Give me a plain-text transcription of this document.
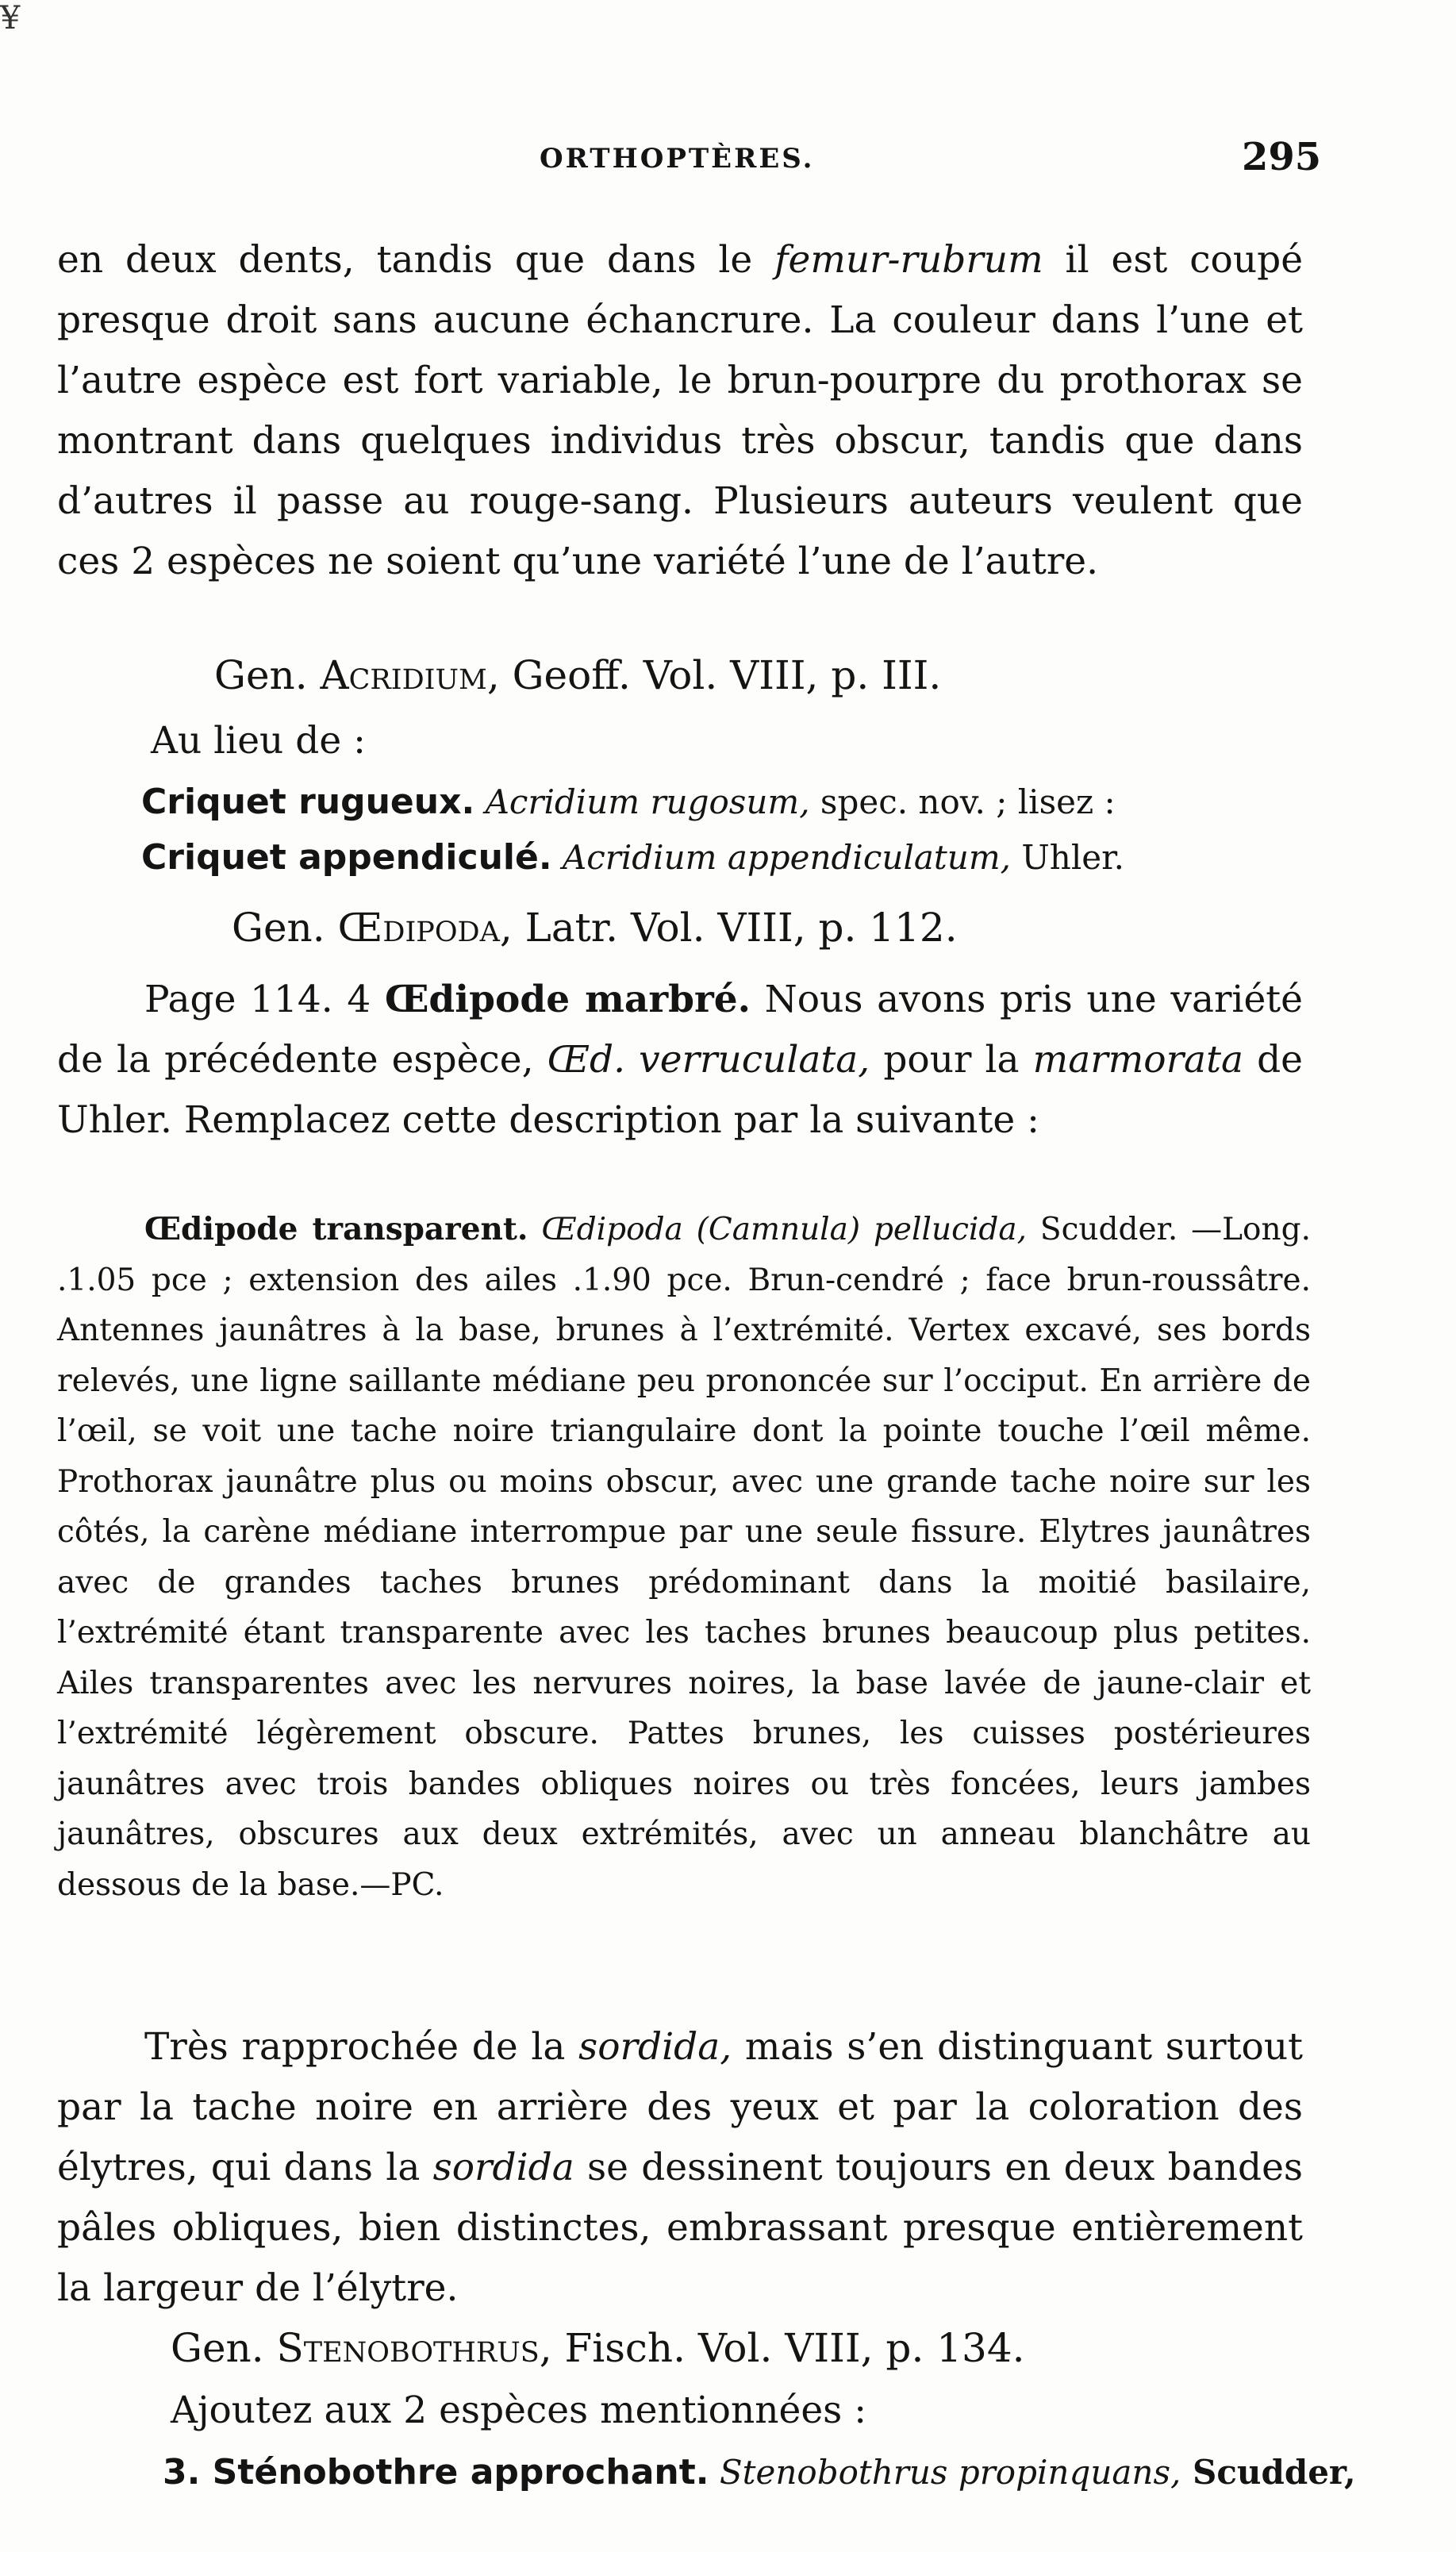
¥
ORTHOPTÈRES.	295

en deux dents, tandis que dans le femur-rubrum il est coupé presque droit sans aucune échancrure. La couleur dans l’une et l’autre espèce est fort variable, le brun-pourpre du prothorax se montrant dans quelques individus très obscur, tandis que dans d’autres il passe au rouge-sang. Plusieurs auteurs veulent que ces 2 espèces ne soient qu’une variété l’une de l’autre.

Gen. Acridium, Geoff. Vol. VIII, p. III.

Au lieu de :

Criquet rugueux. Acridium rugosum, spec. nov. ; lisez :

Criquet appendiculé. Acridium appendiculatum, Uhler.

Gen. Œdipoda, Latr. Vol. VIII, p. 112.

Page 114. 4 Œdipode marbré. Nous avons pris une variété de la précédente espèce, Œd. verruculata, pour la marmorata de Uhler. Remplacez cette description par la suivante :

Œdipode transparent. Œdipoda (Camnula) pellucida, Scudder. —Long. .1.05 pce ; extension des ailes .1.90 pce. Brun-cendré ; face brun-roussâtre. Antennes jaunâtres à la base, brunes à l’extrémité. Vertex excavé, ses bords relevés, une ligne saillante médiane peu prononcée sur l’occiput. En arrière de l’œil, se voit une tache noire triangulaire dont la pointe touche l’œil même. Prothorax jaunâtre plus ou moins obscur, avec une grande tache noire sur les côtés, la carène médiane interrompue par une seule fissure. Elytres jaunâtres avec de grandes taches brunes prédominant dans la moitié basilaire, l’extrémité étant transparente avec les taches brunes beaucoup plus petites. Ailes transparentes avec les nervures noires, la base lavée de jaune-clair et l’extrémité légèrement obscure. Pattes brunes, les cuisses postérieures jaunâtres avec trois bandes obliques noires ou très foncées, leurs jambes jaunâtres, obscures aux deux extrémités, avec un anneau blanchâtre au dessous de la base.—PC.

Très rapprochée de la sordida, mais s’en distinguant surtout par la tache noire en arrière des yeux et par la coloration des élytres, qui dans la sordida se dessinent toujours en deux bandes pâles obliques, bien distinctes, embrassant presque entièrement la largeur de l’élytre.

Gen. Stenobothrus, Fisch. Vol. VIII, p. 134.

Ajoutez aux 2 espèces mentionnées :

3. Sténobothre approchant. Stenobothrus propinquans, Scudder,
